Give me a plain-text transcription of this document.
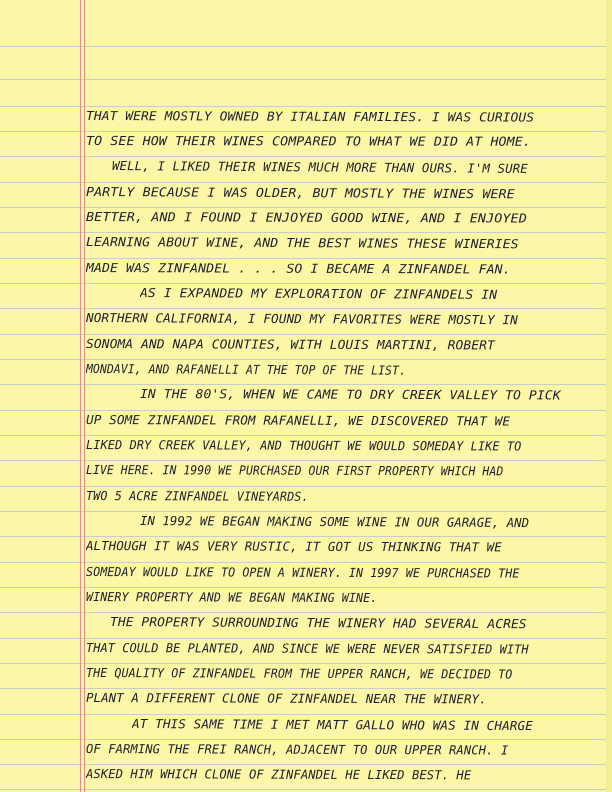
THAT WERE MOSTLY OWNED BY ITALIAN FAMILIES. I WAS CURIOUS
TO SEE HOW THEIR WINES COMPARED TO WHAT WE DID AT HOME.
WELL, I LIKED THEIR WINES MUCH MORE THAN OURS. I'M SURE
PARTLY BECAUSE I WAS OLDER, BUT MOSTLY THE WINES WERE
BETTER, AND I FOUND I ENJOYED GOOD WINE, AND I ENJOYED
LEARNING ABOUT WINE, AND THE BEST WINES THESE WINERIES
MADE WAS ZINFANDEL . . . SO I BECAME A ZINFANDEL FAN.
AS I EXPANDED MY EXPLORATION OF ZINFANDELS IN
NORTHERN CALIFORNIA, I FOUND MY FAVORITES WERE MOSTLY IN
SONOMA AND NAPA COUNTIES, WITH LOUIS MARTINI, ROBERT
MONDAVI, AND RAFANELLI AT THE TOP OF THE LIST.
IN THE 80'S, WHEN WE CAME TO DRY CREEK VALLEY TO PICK
UP SOME ZINFANDEL FROM RAFANELLI, WE DISCOVERED THAT WE
LIKED DRY CREEK VALLEY, AND THOUGHT WE WOULD SOMEDAY LIKE TO
LIVE HERE. IN 1990 WE PURCHASED OUR FIRST PROPERTY WHICH HAD
TWO 5 ACRE ZINFANDEL VINEYARDS.
IN 1992 WE BEGAN MAKING SOME WINE IN OUR GARAGE, AND
ALTHOUGH IT WAS VERY RUSTIC, IT GOT US THINKING THAT WE
SOMEDAY WOULD LIKE TO OPEN A WINERY. IN 1997 WE PURCHASED THE
WINERY PROPERTY AND WE BEGAN MAKING WINE.
THE PROPERTY SURROUNDING THE WINERY HAD SEVERAL ACRES
THAT COULD BE PLANTED, AND SINCE WE WERE NEVER SATISFIED WITH
THE QUALITY OF ZINFANDEL FROM THE UPPER RANCH, WE DECIDED TO
PLANT A DIFFERENT CLONE OF ZINFANDEL NEAR THE WINERY.
AT THIS SAME TIME I MET MATT GALLO WHO WAS IN CHARGE
OF FARMING THE FREI RANCH, ADJACENT TO OUR UPPER RANCH. I
ASKED HIM WHICH CLONE OF ZINFANDEL HE LIKED BEST. HE
